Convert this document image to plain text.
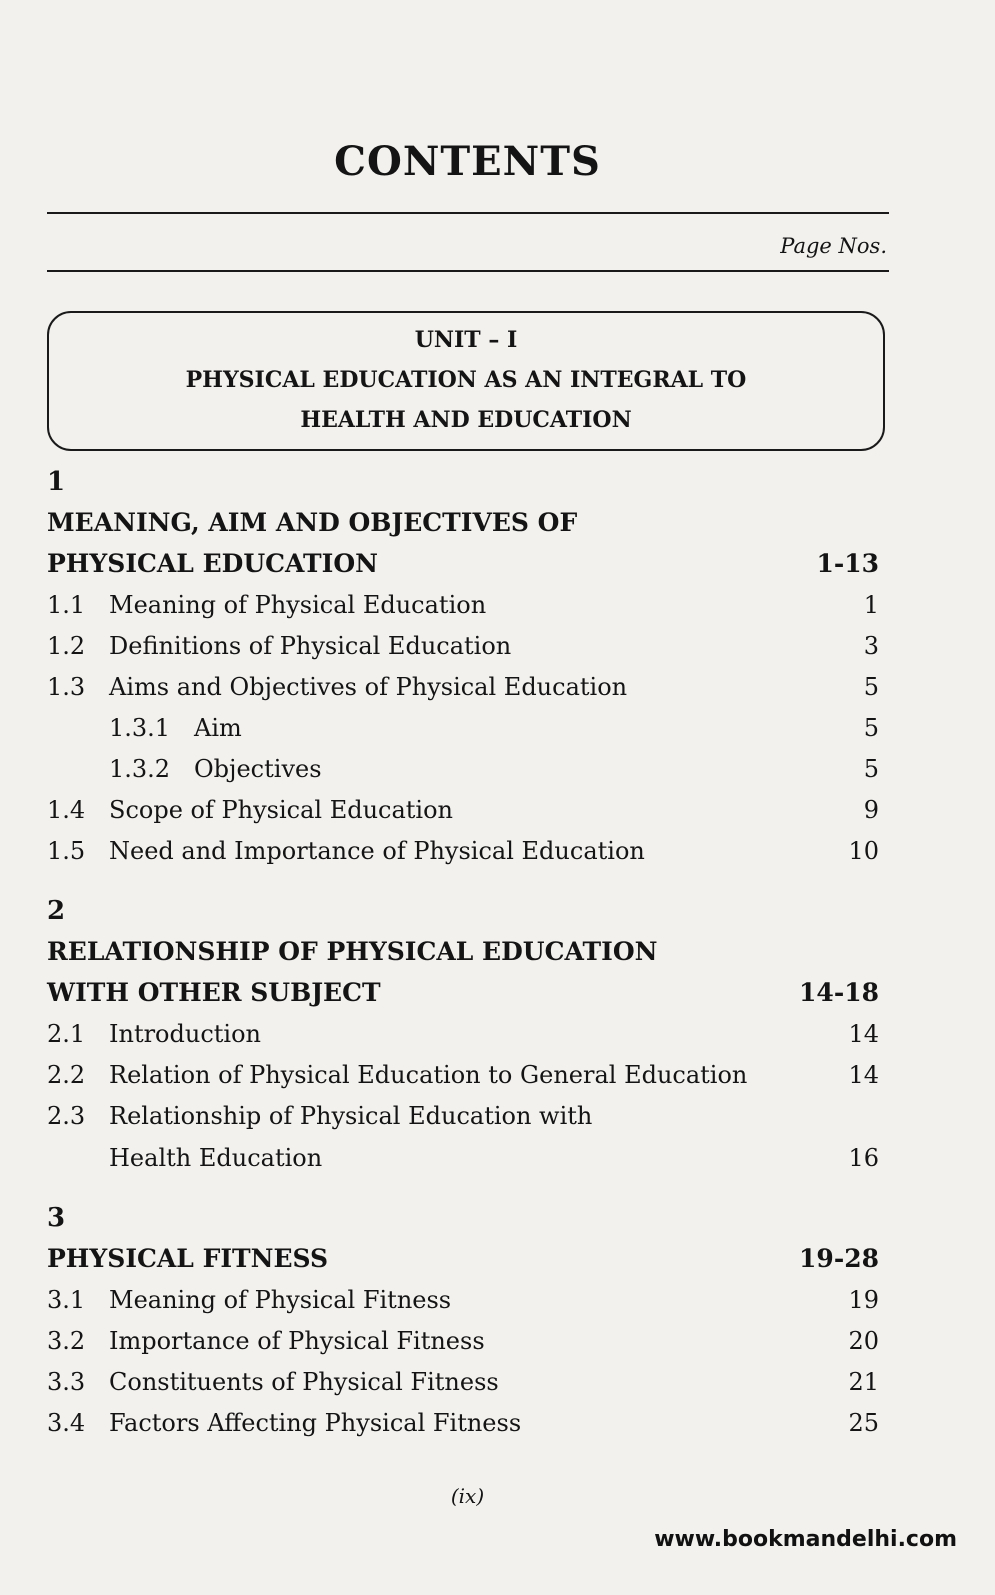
CONTENTS
Page Nos.
UNIT – I
PHYSICAL EDUCATION AS AN INTEGRAL TO
HEALTH AND EDUCATION
1
MEANING, AIM AND OBJECTIVES OF
PHYSICAL EDUCATION	1-13
1.1 Meaning of Physical Education	1
1.2 Definitions of Physical Education	3
1.3 Aims and Objectives of Physical Education	5
1.3.1 Aim	5
1.3.2 Objectives	5
1.4 Scope of Physical Education	9
1.5 Need and Importance of Physical Education	10
2
RELATIONSHIP OF PHYSICAL EDUCATION
WITH OTHER SUBJECT	14-18
2.1 Introduction	14
2.2 Relation of Physical Education to General Education	14
2.3 Relationship of Physical Education with
Health Education	16
3
PHYSICAL FITNESS	19-28
3.1 Meaning of Physical Fitness	19
3.2 Importance of Physical Fitness	20
3.3 Constituents of Physical Fitness	21
3.4 Factors Affecting Physical Fitness	25
(ix)
www.bookmandelhi.com
